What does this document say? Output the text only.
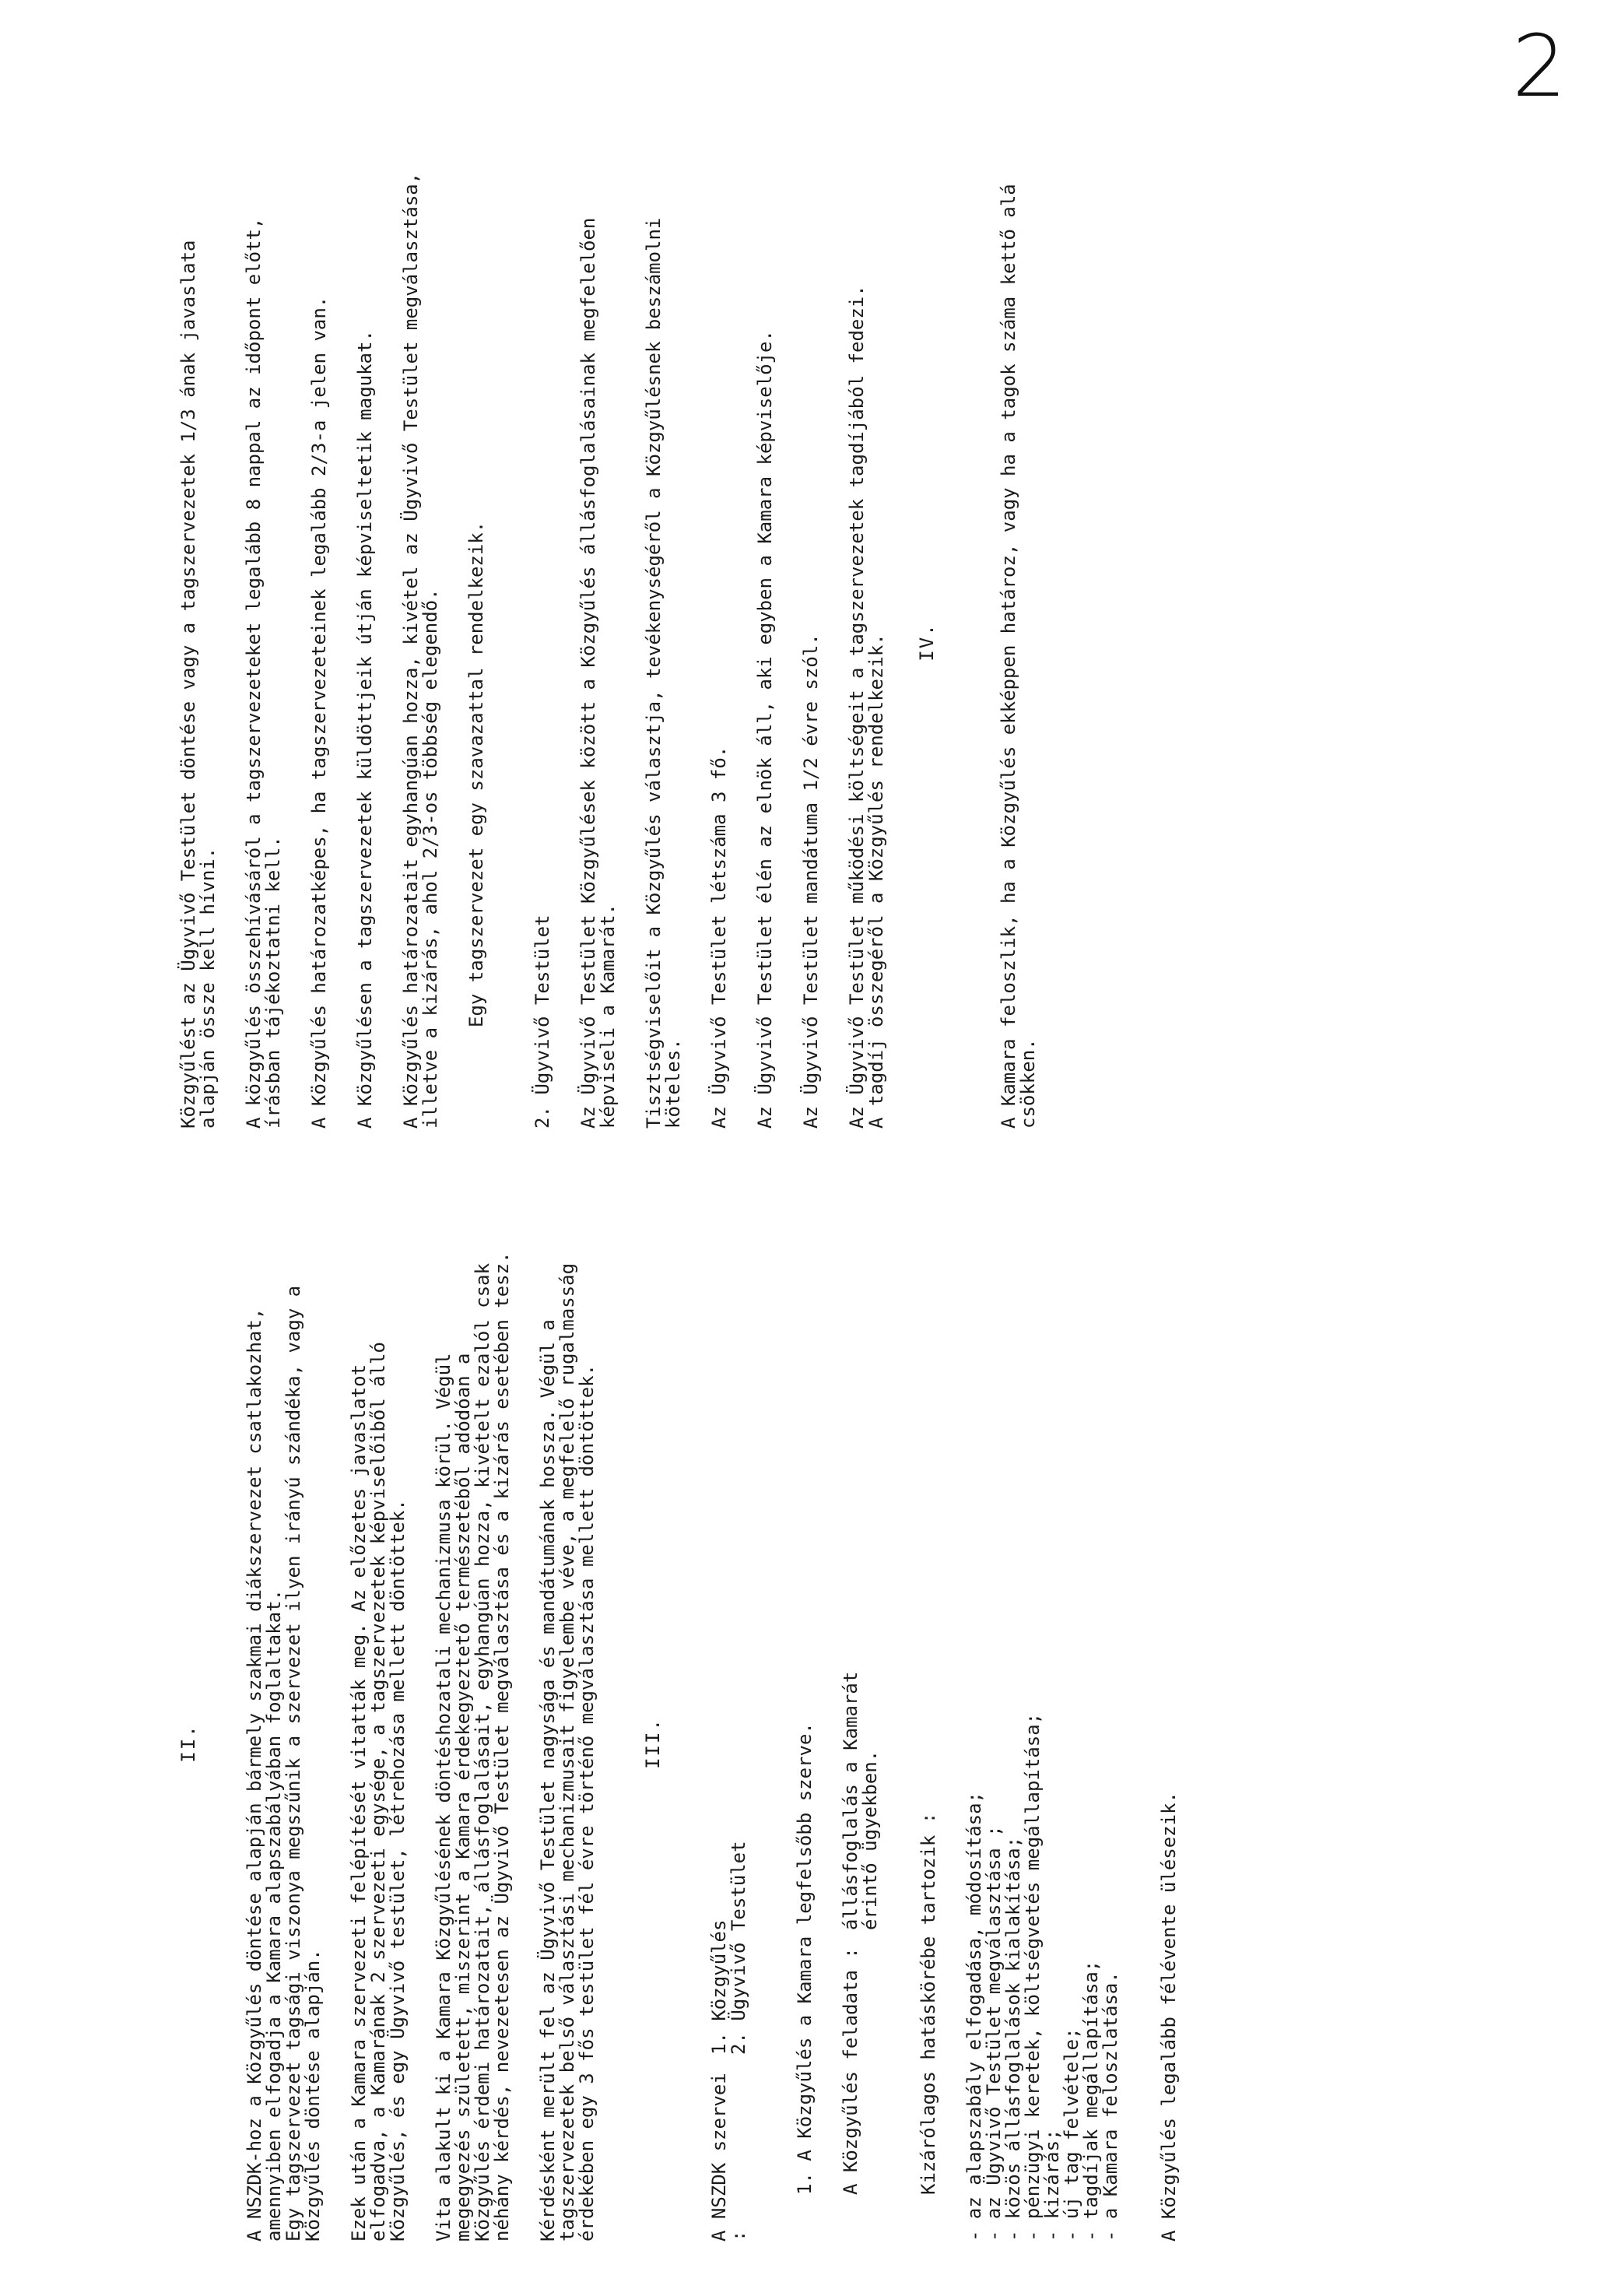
2

II.

A NSZDK-hoz a Közgyűlés döntése alapján bármely szakmai diákszervezet csatlakozhat, amennyiben elfogadja a Kamara alapszabályában foglaltakat.
Egy tagszervezet tagsági viszonya megszűnik a szervezet ilyen irányú szándéka, vagy a Közgyűlés döntése alapján. Ezek után a Kamara szervezeti felépítését vitatták meg. Az előzetes javaslatot elfogadva, a Kamarának 2 szervezeti egysége, a tagszervezetek képviselőiből álló Közgyűlés, és egy Ügyvivő testület, létrehozása mellett döntöttek. Vita alakult ki a Kamara Közgyűlésének döntéshozatali mechanizmusa körül. Végül megegyezés született, miszerint a Kamara érdekegyeztető természetéből adódóan a Közgyűlés érdemi határozatait, állásfoglalásait, egyhangúan hozza, kivételt ezalól csak néhány kérdés, nevezetesen az Ügyvivő Testület megválasztása és a kizárás esetében tesz. Kérdésként merült fel az Ügyvivő Testület nagysága és mandátumának hossza. Végül a tagszervezetek belső választási mechanizmusait figyelembe véve, a megfelelő rugalmasság érdekében egy 3 fős testület fél évre történő megválasztása mellett döntöttek. III.

A NSZDK szervei :
1. Közgyűlés
2. Ügyvivő Testület 1. A Közgyűlés a Kamara legfelsőbb szerve. A Közgyűlés feladata :
állásfoglalás a Kamarát
érintő ügyekben.

Kizárólagos hatáskörébe tartozik :

- az alapszabály elfogadása, módosítása;
- az Ügyvivő Testület megválasztása ;
- közös állásfoglalások kialakítása;
- pénzügyi keretek, költségvetés megállapítása;
- kizárás;
- új tag felvétele;
- tagdíjak megállapítása;
- a Kamara feloszlatása. A Közgyűlés legalább félévente ülésezik.

Közgyűlést az Ügyvivő Testület döntése vagy a tagszervezetek 1/3 ának javaslata alapján össze kell hívni. A közgyűlés összehívásáról a tagszervezeteket legalább 8 nappal az időpont előtt, írásban tájékoztatni kell. A Közgyűlés határozatképes, ha tagszervezeteinek legalább 2/3-a jelen van. A Közgyűlésen a tagszervezetek küldöttjeik útján képviseltetik magukat. A Közgyűlés határozatait egyhangúan hozza, kivétel az Ügyvivő Testület megválasztása, illetve a kizárás, ahol 2/3-os többség elegendő. Egy tagszervezet egy szavazattal rendelkezik. 2. Ügyvivő Testület Az Ügyvivő Testület Közgyűlések között a Közgyűlés állásfoglalásainak megfelelően képviseli a Kamarát. Tisztségviselőit a Közgyűlés választja, tevékenységéről a Közgyűlésnek beszámolni köteles. Az Ügyvivő Testület létszáma 3 fő. Az Ügyvivő Testület élén az elnök áll, aki egyben a Kamara képviselője. Az Ügyvivő Testület mandátuma 1/2 évre szól. Az Ügyvivő Testület működési költségeit a tagszervezetek tagdíjából fedezi.
A tagdíj összegéről a Közgyűlés rendelkezik. IV.	A Kamara feloszlik, ha a Közgyűlés ekképpen határoz, vagy ha a tagok száma kettő alá csökken.
